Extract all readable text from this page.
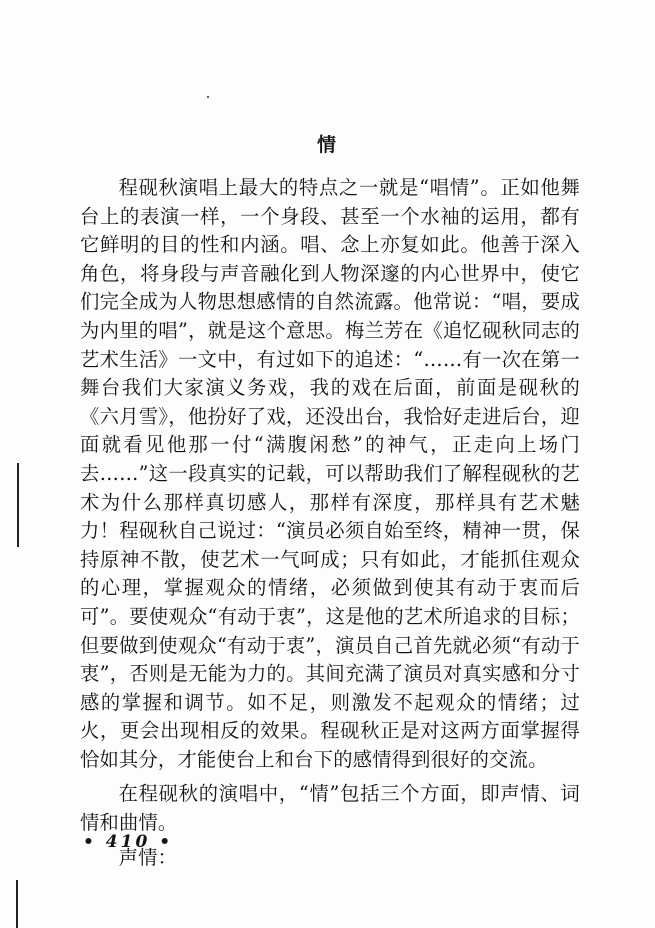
情

程砚秋演唱上最大的特点之一就是“唱情”。正如他舞台上的表演一样，一个身段、甚至一个水袖的运用，都有它鲜明的目的性和内涵。唱、念上亦复如此。他善于深入角色，将身段与声音融化到人物深邃的内心世界中，使它们完全成为人物思想感情的自然流露。他常说：“唱，要成为内里的唱”，就是这个意思。梅兰芳在《追忆砚秋同志的艺术生活》一文中，有过如下的追述：“……有一次在第一舞台我们大家演义务戏，我的戏在后面，前面是砚秋的《六月雪》，他扮好了戏，还没出台，我恰好走进后台，迎面就看见他那一付“满腹闲愁”的神气，正走向上场门去……”这一段真实的记载，可以帮助我们了解程砚秋的艺术为什么那样真切感人，那样有深度，那样具有艺术魅力！程砚秋自己说过：“演员必须自始至终，精神一贯，保持原神不散，使艺术一气呵成；只有如此，才能抓住观众的心理，掌握观众的情绪，必须做到使其有动于衷而后可”。要使观众“有动于衷”，这是他的艺术所追求的目标；但要做到使观众“有动于衷”，演员自己首先就必须“有动于衷”，否则是无能为力的。其间充满了演员对真实感和分寸感的掌握和调节。如不足，则激发不起观众的情绪；过火，更会出现相反的效果。程砚秋正是对这两方面掌握得恰如其分，才能使台上和台下的感情得到很好的交流。

在程砚秋的演唱中，“情”包括三个方面，即声情、词情和曲情。

声情：

• 410 •
